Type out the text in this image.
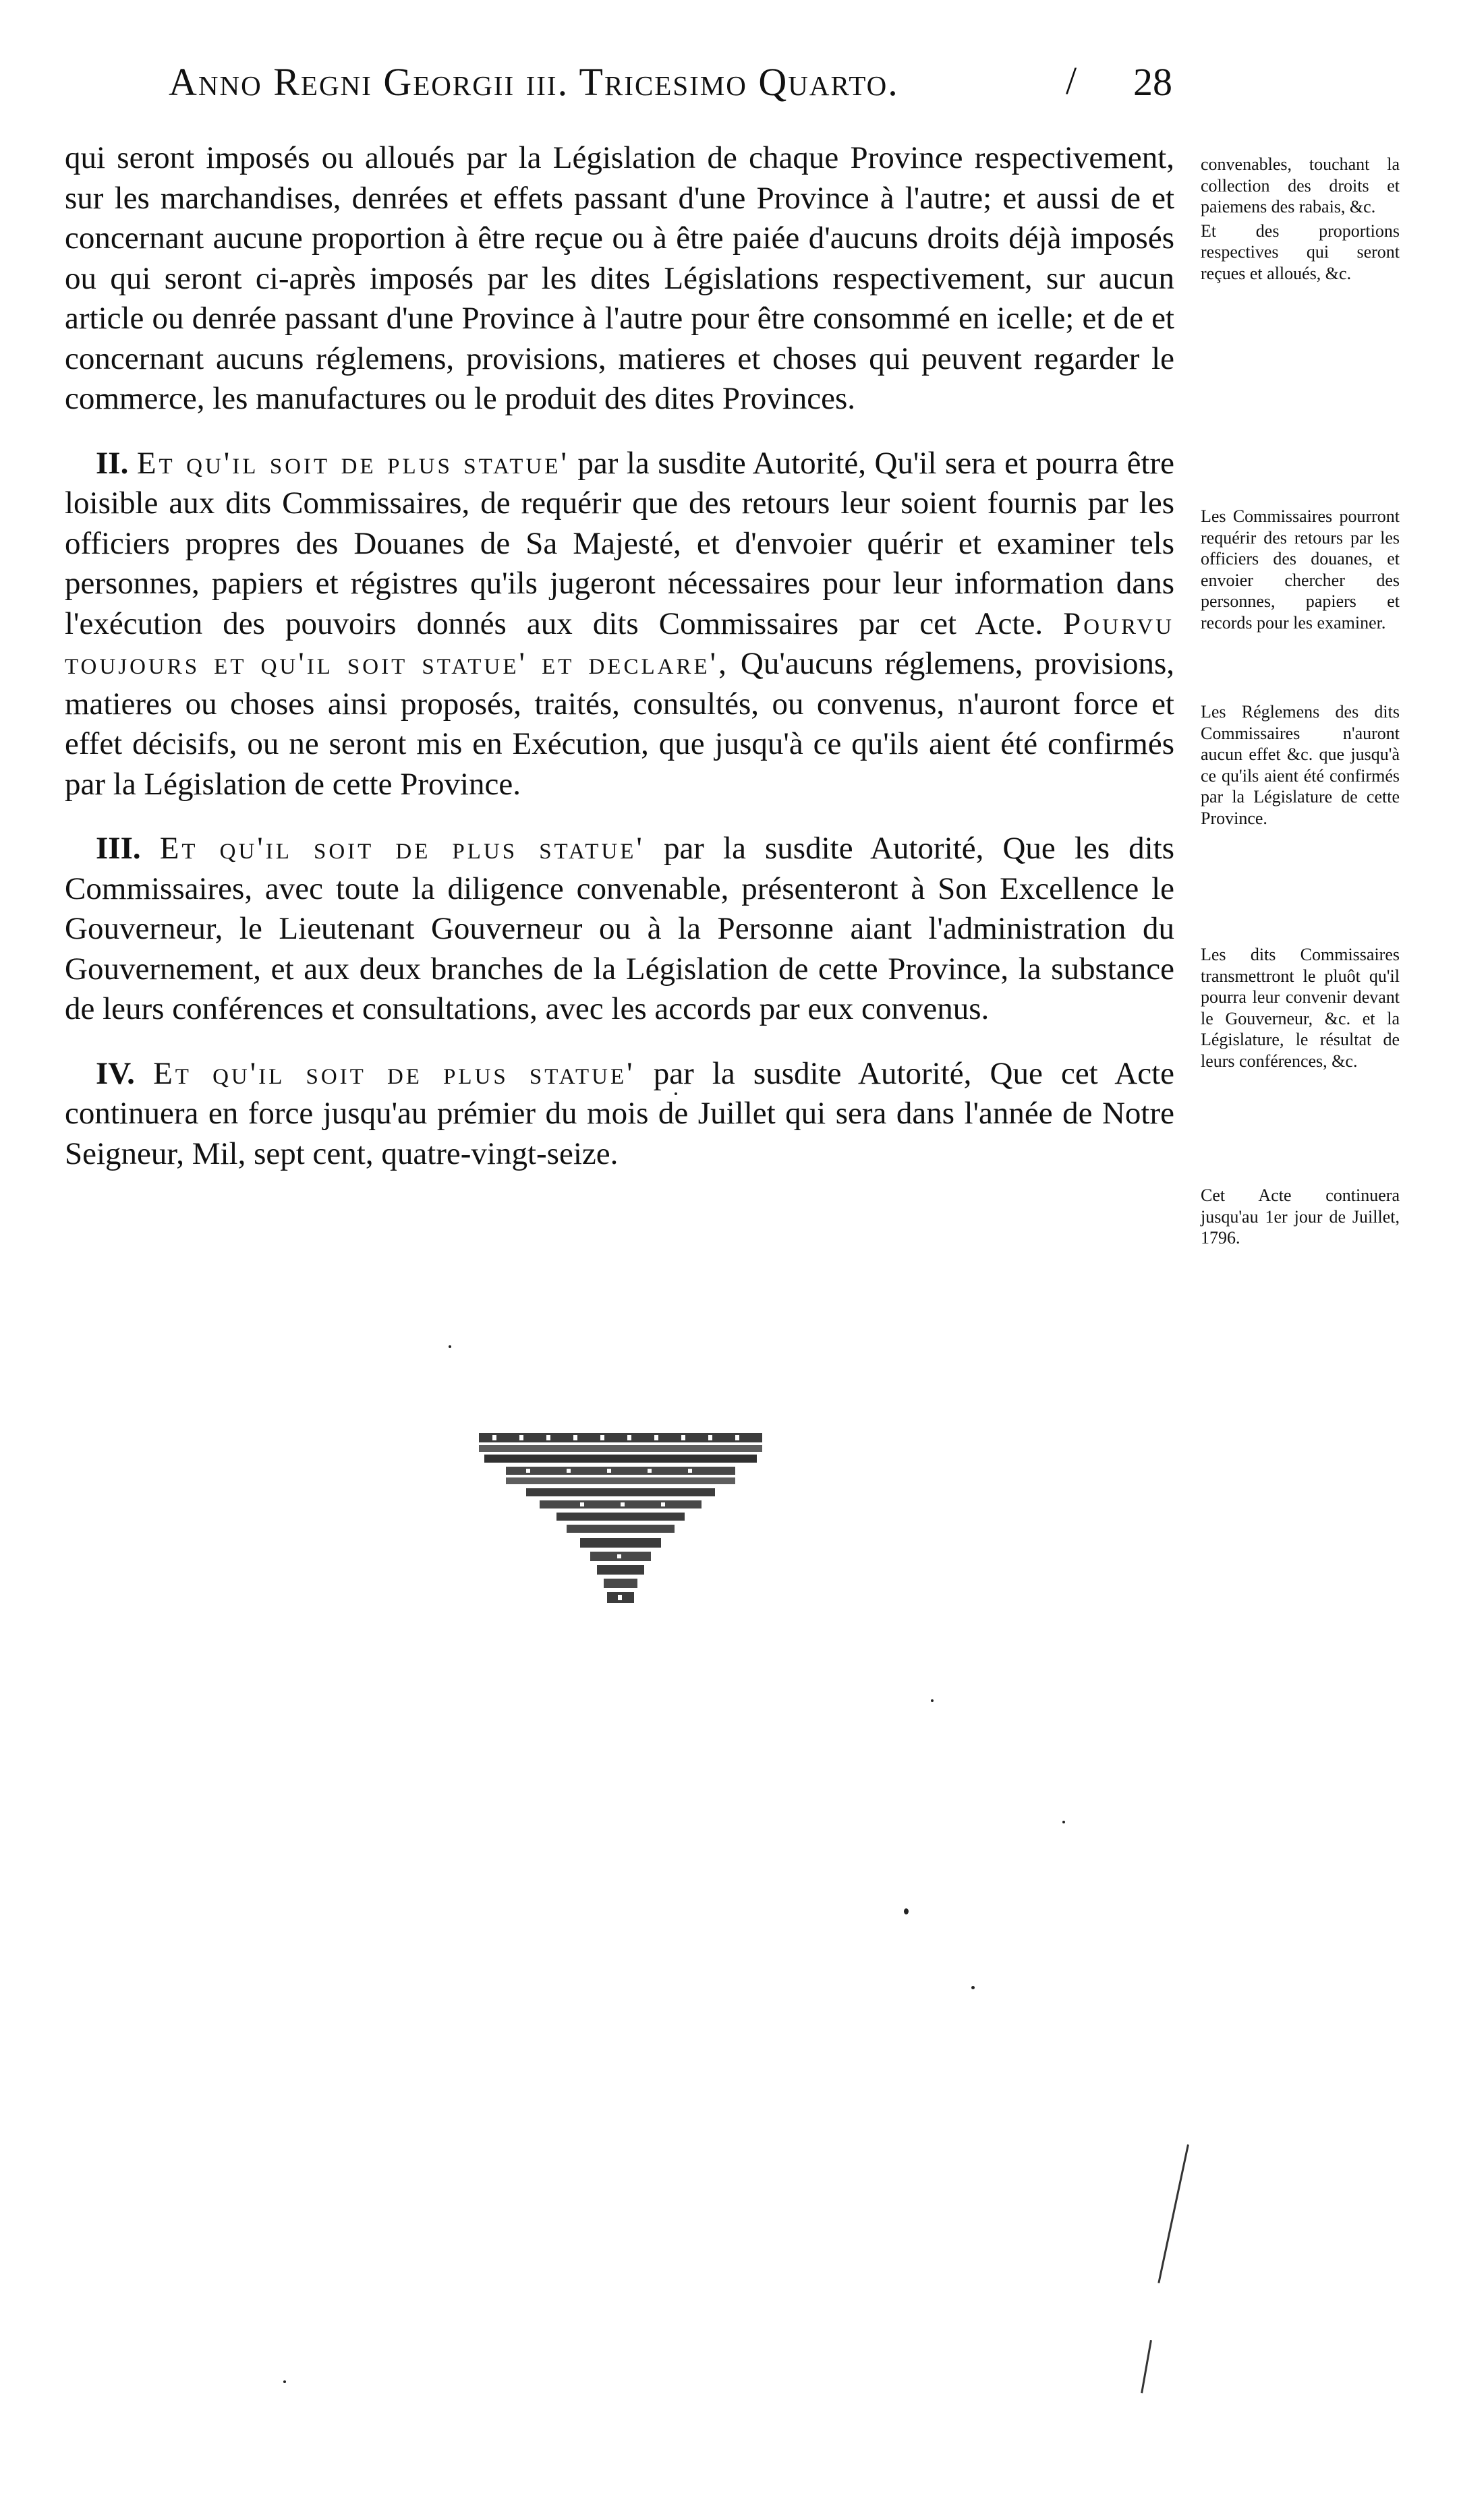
Anno Regni Georgii iii. Tricesimo Quarto.	28
/

qui seront imposés ou alloués par la Législation de chaque Province respectivement, sur les marchandises, denrées et effets passant d'une Province à l'autre; et aussi de et concernant aucune proportion à être reçue ou à être paiée d'aucuns droits déjà imposés ou qui seront ci-après imposés par les dites Législations respectivement, sur aucun article ou denrée passant d'une Province à l'autre pour être consommé en icelle; et de et concernant aucuns réglemens, provisions, matieres et choses qui peuvent regarder le commerce, les manufactures ou le produit des dites Provinces.

II. Et qu'il soit de plus statue' par la susdite Autorité, Qu'il sera et pourra être loisible aux dits Commissaires, de requérir que des retours leur soient fournis par les officiers propres des Douanes de Sa Majesté, et d'envoier quérir et examiner tels personnes, papiers et régistres qu'ils jugeront nécessaires pour leur information dans l'exécution des pouvoirs donnés aux dits Commissaires par cet Acte. Pourvu toujours et qu'il soit statue' et declare', Qu'aucuns réglemens, provisions, matieres ou choses ainsi proposés, traités, consultés, ou convenus, n'auront force et effet décisifs, ou ne seront mis en Exécution, que jusqu'à ce qu'ils aient été confirmés par la Législation de cette Province.

III. Et qu'il soit de plus statue' par la susdite Autorité, Que les dits Commissaires, avec toute la diligence convenable, présenteront à Son Excellence le Gouverneur, le Lieutenant Gouverneur ou à la Personne aiant l'administration du Gouvernement, et aux deux branches de la Législation de cette Province, la substance de leurs conférences et consultations, avec les accords par eux convenus.

IV. Et qu'il soit de plus statue' par la susdite Autorité, Que cet Acte continuera en force jusqu'au prémier du mois de Juillet qui sera dans l'année de Notre Seigneur, Mil, sept cent, quatre-vingt-seize.

convenables, touchant la collection des droits et paiemens des rabais, &c.

Et des proportions respectives qui seront reçues et alloués, &c.

Les Commissaires pourront requérir des retours par les officiers des douanes, et envoier chercher des personnes, papiers et records pour les examiner.

Les Réglemens des dits Commissaires n'auront aucun effet &c. que jusqu'à ce qu'ils aient été confirmés par la Législature de cette Province.

Les dits Commissaires transmettront le pluôt qu'il pourra leur convenir devant le Gouverneur, &c. et la Législature, le résultat de leurs conférences, &c.

Cet Acte continuera jusqu'au 1er jour de Juillet, 1796.
